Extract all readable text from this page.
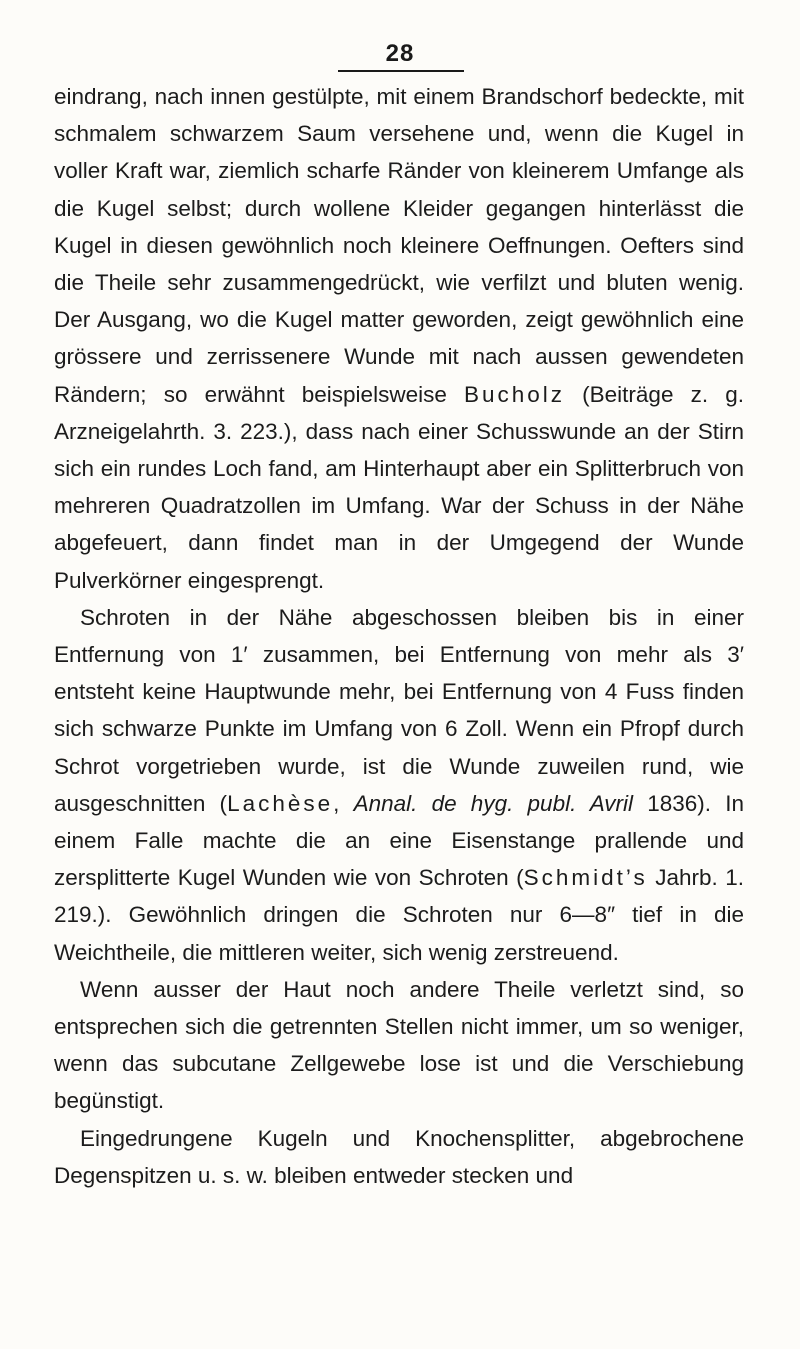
28

eindrang, nach innen gestülpte, mit einem Brandschorf bedeckte, mit schmalem schwarzem Saum versehene und, wenn die Kugel in voller Kraft war, ziemlich scharfe Ränder von kleinerem Umfange als die Kugel selbst; durch wollene Kleider gegangen hinterlässt die Kugel in diesen gewöhnlich noch kleinere Oeffnungen. Oefters sind die Theile sehr zusammengedrückt, wie verfilzt und bluten wenig. Der Ausgang, wo die Kugel matter geworden, zeigt gewöhnlich eine grössere und zerrissenere Wunde mit nach aussen gewendeten Rändern; so erwähnt beispielsweise Bucholz (Beiträge z. g. Arzneigelahrth. 3. 223.), dass nach einer Schusswunde an der Stirn sich ein rundes Loch fand, am Hinterhaupt aber ein Splitterbruch von mehreren Quadratzollen im Umfang. War der Schuss in der Nähe abgefeuert, dann findet man in der Umgegend der Wunde Pulverkörner eingesprengt.

Schroten in der Nähe abgeschossen bleiben bis in einer Entfernung von 1′ zusammen, bei Entfernung von mehr als 3′ entsteht keine Hauptwunde mehr, bei Entfernung von 4 Fuss finden sich schwarze Punkte im Umfang von 6 Zoll. Wenn ein Pfropf durch Schrot vorgetrieben wurde, ist die Wunde zuweilen rund, wie ausgeschnitten (Lachèse, Annal. de hyg. publ. Avril 1836). In einem Falle machte die an eine Eisenstange prallende und zersplitterte Kugel Wunden wie von Schroten (Schmidt’s Jahrb. 1. 219.). Gewöhnlich dringen die Schroten nur 6—8″ tief in die Weichtheile, die mittleren weiter, sich wenig zerstreuend.

Wenn ausser der Haut noch andere Theile verletzt sind, so entsprechen sich die getrennten Stellen nicht immer, um so weniger, wenn das subcutane Zellgewebe lose ist und die Verschiebung begünstigt.

Eingedrungene Kugeln und Knochensplitter, abgebrochene Degenspitzen u. s. w. bleiben entweder stecken und
